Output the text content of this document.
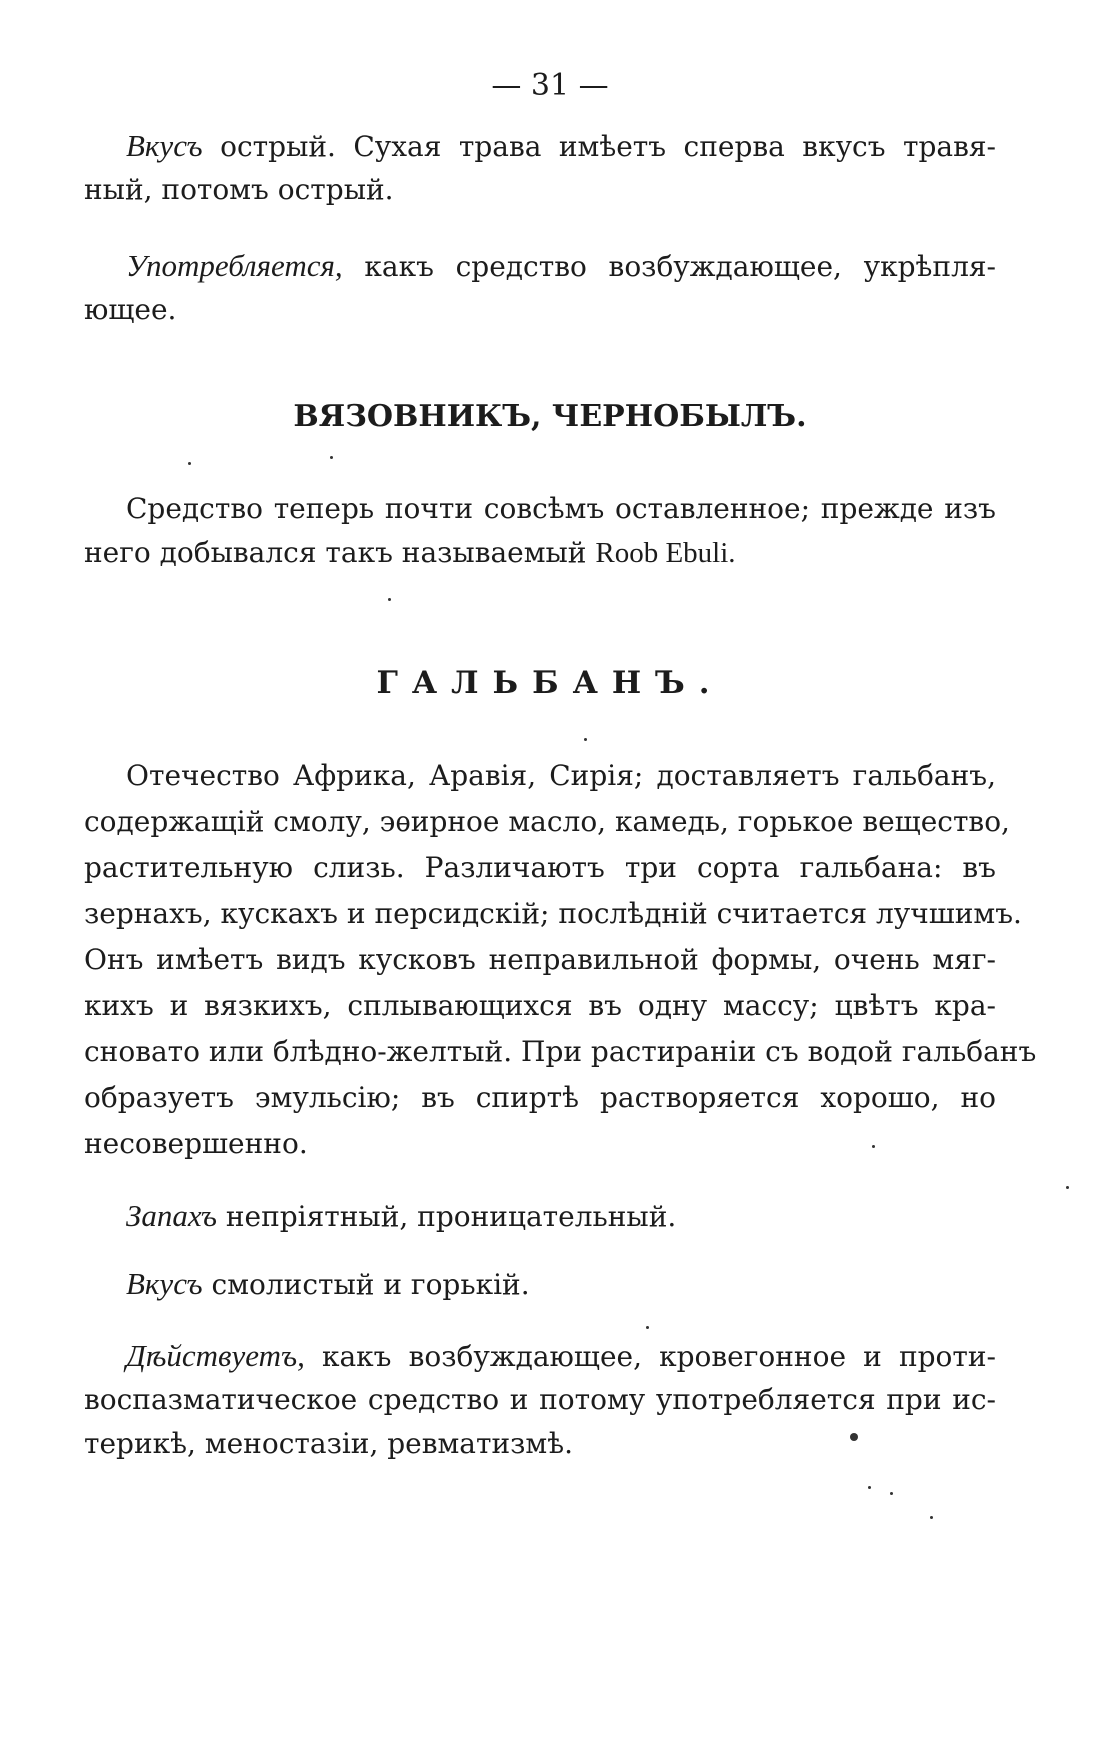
— 31 —

Вкусъ острый. Сухая трава имѣетъ сперва вкусъ травя-

ный, потомъ острый.

Употребляется, какъ средство возбуждающее, укрѣпля-

ющее.

ВЯЗОВНИКЪ, ЧЕРНОБЫЛЪ.

Средство теперь почти совсѣмъ оставленное; прежде изъ

него добывался такъ называемый Roob Ebuli.

ГАЛЬБАНЪ.

Отечество Африка, Аравія, Сирія; доставляетъ гальбанъ,

содержащій смолу, эѳирное масло, камедь, горькое вещество,

растительную слизь. Различаютъ три сорта гальбана: въ

зернахъ, кускахъ и персидскій; послѣдній считается лучшимъ.

Онъ имѣетъ видъ кусковъ неправильной формы, очень мяг-

кихъ и вязкихъ, сплывающихся въ одну массу; цвѣтъ кра-

сновато или блѣдно-желтый. При растираніи съ водой гальбанъ

образуетъ эмульсію; въ спиртѣ растворяется хорошо, но

несовершенно.

Запахъ непріятный, проницательный.

Вкусъ смолистый и горькій.

Дѣйствуетъ, какъ возбуждающее, кровегонное и проти-

воспазматическое средство и потому употребляется при ис-

терикѣ, меностазіи, ревматизмѣ.
